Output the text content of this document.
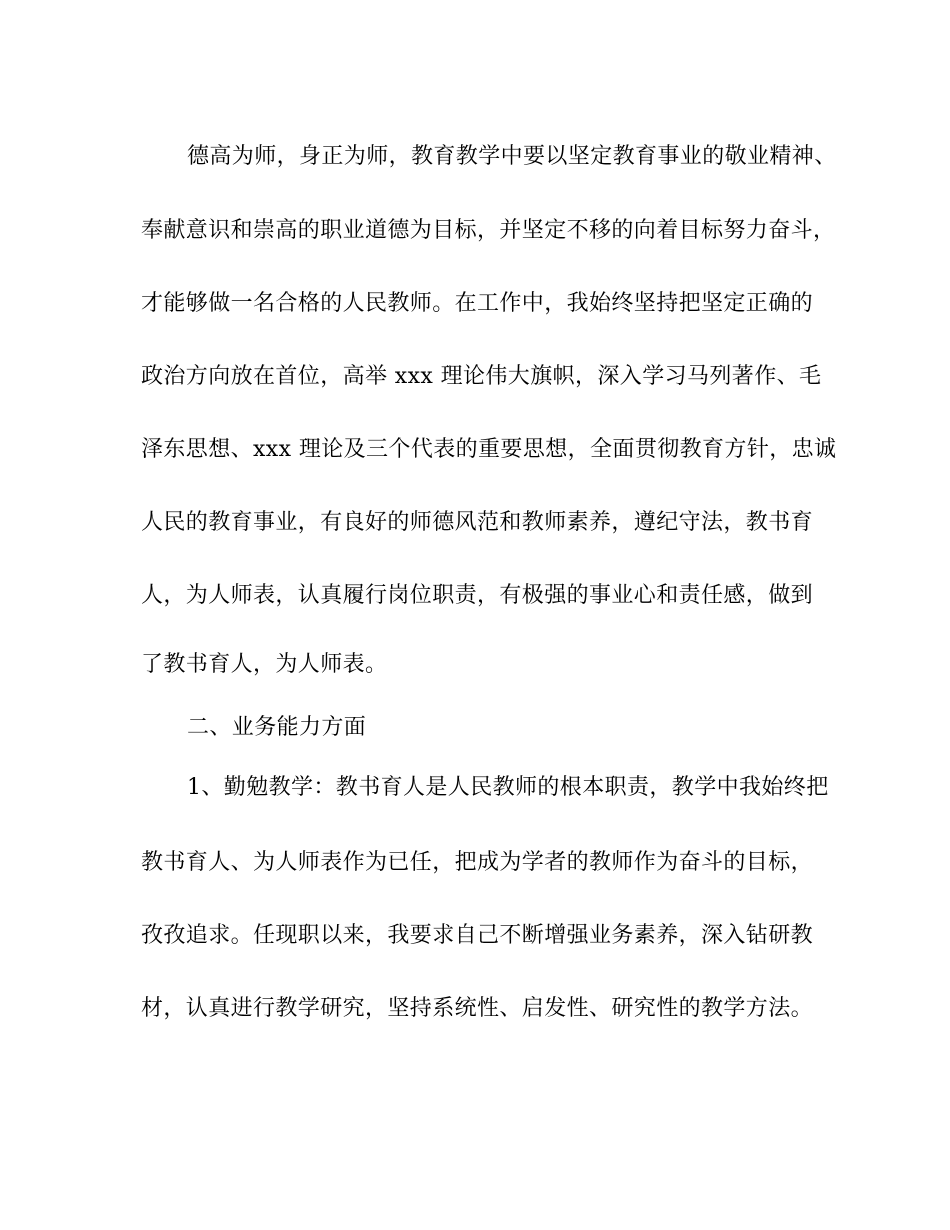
德高为师，身正为师，教育教学中要以坚定教育事业的敬业精神、
奉献意识和崇高的职业道德为目标，并坚定不移的向着目标努力奋斗，
才能够做一名合格的人民教师。在工作中，我始终坚持把坚定正确的
政治方向放在首位，高举 xxx 理论伟大旗帜，深入学习马列著作、毛
泽东思想、xxx 理论及三个代表的重要思想，全面贯彻教育方针，忠诚
人民的教育事业，有良好的师德风范和教师素养，遵纪守法，教书育
人，为人师表，认真履行岗位职责，有极强的事业心和责任感，做到
了教书育人，为人师表。
二、业务能力方面
1、勤勉教学：教书育人是人民教师的根本职责，教学中我始终把
教书育人、为人师表作为已任，把成为学者的教师作为奋斗的目标，
孜孜追求。任现职以来，我要求自己不断增强业务素养，深入钻研教
材，认真进行教学研究，坚持系统性、启发性、研究性的教学方法。
